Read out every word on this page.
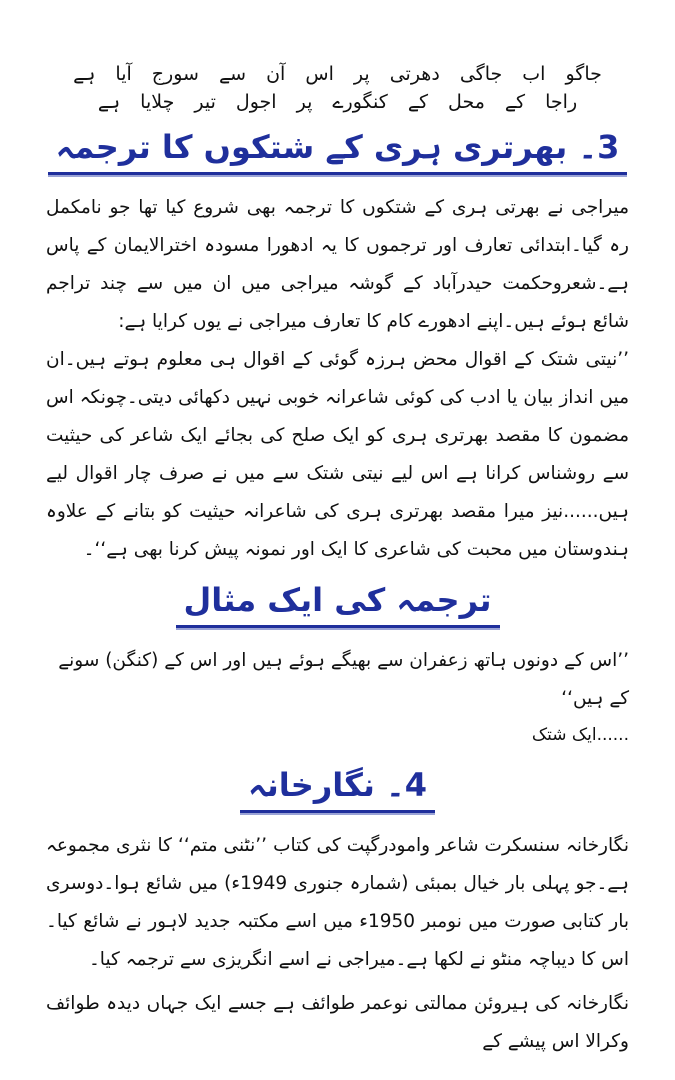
جاگو اب جاگی دھرتی پر اس آن سے سورج آیا ہے

راجا کے محل کے کنگورے پر اجول تیر چلایا ہے

3۔ بھرتری ہری کے شتکوں کا ترجمہ

میراجی نے بھرتی ہری کے شتکوں کا ترجمہ بھی شروع کیا تھا جو نامکمل رہ گیا۔ابتدائی تعارف اور ترجموں کا یہ ادھورا مسودہ اخترالایمان کے پاس ہے۔شعروحکمت حیدرآباد کے گوشہ میراجی میں ان میں سے چند تراجم شائع ہوئے ہیں۔اپنے ادھورے کام کا تعارف میراجی نے یوں کرایا ہے:

’’نیتی شتک کے اقوال محض ہرزہ گوئی کے اقوال ہی معلوم ہوتے ہیں۔ان میں انداز بیان یا ادب کی کوئی شاعرانہ خوبی نہیں دکھائی دیتی۔چونکہ اس مضمون کا مقصد بھرتری ہری کو ایک صلح کی بجائے ایک شاعر کی حیثیت سے روشناس کرانا ہے اس لیے نیتی شتک سے میں نے صرف چار اقوال لیے ہیں......نیز میرا مقصد بھرتری ہری کی شاعرانہ حیثیت کو بتانے کے علاوہ ہندوستان میں محبت کی شاعری کا ایک اور نمونہ پیش کرنا بھی ہے‘‘۔

ترجمہ کی ایک مثال

’’اس کے دونوں ہاتھ زعفران سے بھیگے ہوئے ہیں اور اس کے (کنگن) سونے کے ہیں‘‘

......ایک شتک

4۔ نگارخانہ

نگارخانہ سنسکرت شاعر وامودرگپت کی کتاب ’’نٹنی متم‘‘ کا نثری مجموعہ ہے۔جو پہلی بار خیال بمبئی (شمارہ جنوری 1949ء) میں شائع ہوا۔دوسری بار کتابی صورت میں نومبر 1950ء میں اسے مکتبہ جدید لاہور نے شائع کیا۔اس کا دیباچہ منٹو نے لکھا ہے۔میراجی نے اسے انگریزی سے ترجمہ کیا۔

نگارخانہ کی ہیروئن ممالتی نوعمر طوائف ہے جسے ایک جہاں دیدہ طوائف وکرالا اس پیشے کے
